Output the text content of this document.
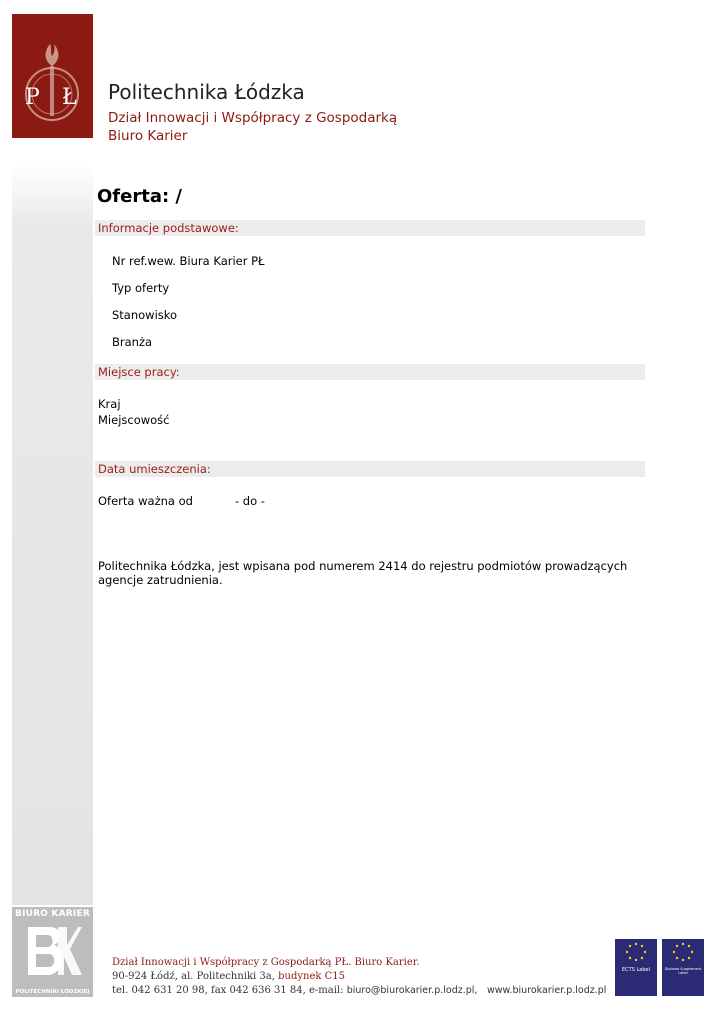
P Ł Politechnika Łódzka
Dział Innowacji i Współpracy z Gospodarką
Biuro Karier
Oferta: /
Informacje podstawowe:
Nr ref.wew. Biura Karier PŁ
Typ oferty
Stanowisko
Branża
Miejsce pracy:
Kraj
Miejscowość
Data umieszczenia:
Oferta ważna od	- do -
Politechnika Łódzka, jest wpisana pod numerem 2414 do rejestru podmiotów prowadzących
agencje zatrudnienia.
BIURO KARIER
POLITECHNIKI ŁÓDZKIEJ
Dział Innowacji i Współpracy z Gospodarką PŁ. Biuro Karier.
90-924 Łódź, al. Politechniki 3a, budynek C15
tel. 042 631 20 98, fax 042 636 31 84, e-mail: biuro@biurokarier.p.lodz.pl, www.biurokarier.p.lodz.pl
ECTS Label	Diploma Supplement Label
